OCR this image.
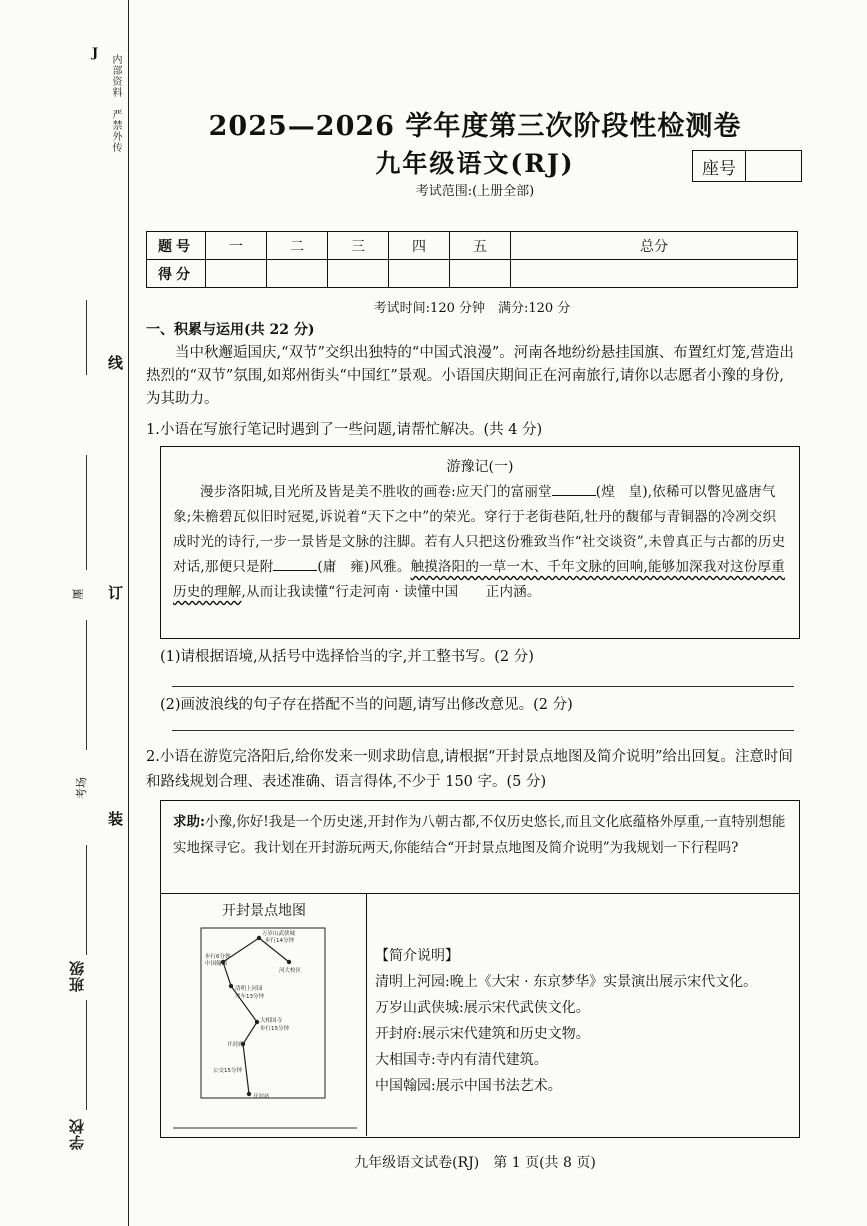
J
内部资料　严禁外传
线
㕓 订
考场
装
班级
学校
2025—2026 学年度第三次阶段性检测卷
九年级语文(RJ)
考试范围:(上册全部)
座号
题号	一	二	三	四	五	总分
得分						
考试时间:120 分钟　满分:120 分
一、积累与运用(共 22 分)
当中秋邂逅国庆,“双节”交织出独特的“中国式浪漫”。河南各地纷纷悬挂国旗、布置红灯笼,营造出热烈的“双节”氛围,如郑州街头“中国红”景观。小语国庆期间正在河南旅行,请你以志愿者小豫的身份,为其助力。
1.小语在写旅行笔记时遇到了一些问题,请帮忙解决。(共 4 分)
游豫记(一)
漫步洛阳城,目光所及皆是美不胜收的画卷:应天门的富丽堂	(煌　皇),依稀可以瞥见盛唐气象;朱檐碧瓦似旧时冠冕,诉说着“天下之中”的荣光。穿行于老街巷陌,牡丹的馥郁与青铜器的冷冽交织成时光的诗行,一步一景皆是文脉的注脚。若有人只把这份雅致当作“社交谈资”,未曾真正与古都的历史对话,那便只是附	(庸　雍)风雅。触摸洛阳的一草一木、千年文脉的回响,能够加深我对这份厚重历史的理解,从而让我读懂“行走河南 · 读懂中国　　正内涵。
(1)请根据语境,从括号中选择恰当的字,并工整书写。(2 分)
(2)画波浪线的句子存在搭配不当的问题,请写出修改意见。(2 分)
2.小语在游览完洛阳后,给你发来一则求助信息,请根据“开封景点地图及简介说明”给出回复。注意时间和路线规划合理、表述准确、语言得体,不少于 150 字。(5 分)
求助:小豫,你好!我是一个历史迷,开封作为八朝古都,不仅历史悠长,而且文化底蕴格外厚重,一直特别想能实地探寻它。我计划在开封游玩两天,你能结合“开封景点地图及简介说明”为我规划一下行程吗?
开封景点地图
万岁山武侠城
步行14分钟
步行6分钟
中国翰园
河大校区
清明上河园
驾车13分钟
大相国寺
步行15分钟
开封府
公交15分钟
开封站
【简介说明】
清明上河园:晚上《大宋 · 东京梦华》实景演出展示宋代文化。
万岁山武侠城:展示宋代武侠文化。
开封府:展示宋代建筑和历史文物。
大相国寺:寺内有清代建筑。
中国翰园:展示中国书法艺术。
九年级语文试卷(RJ)　第 1 页(共 8 页)
